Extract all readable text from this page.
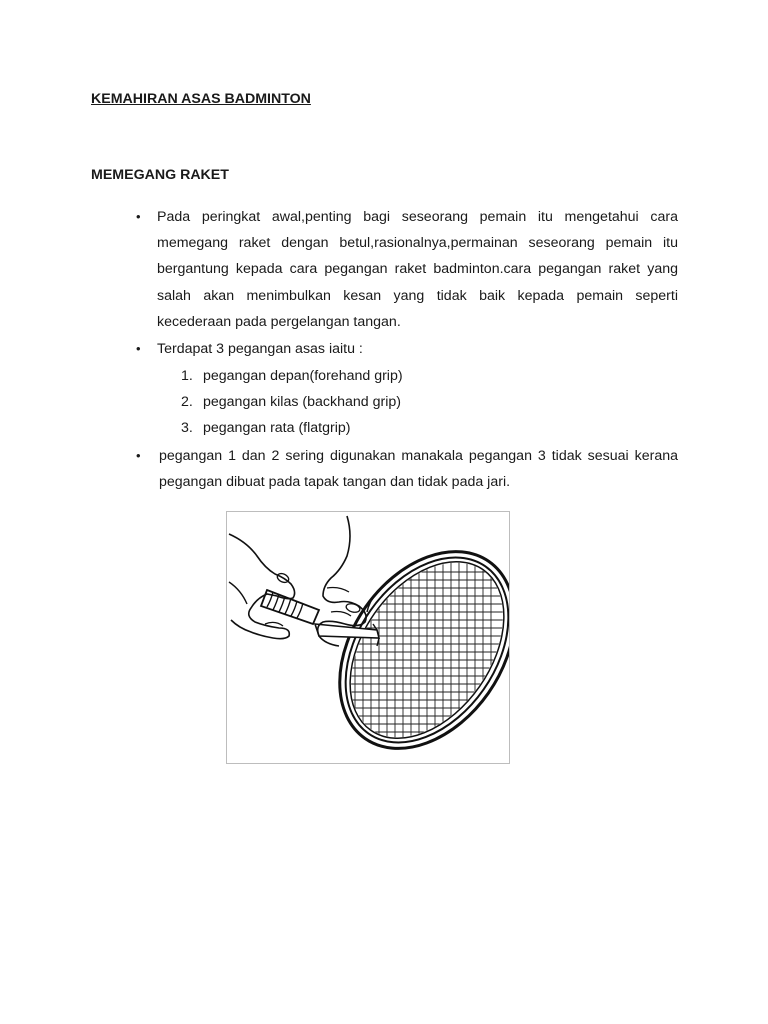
KEMAHIRAN ASAS BADMINTON
MEMEGANG RAKET
• Pada peringkat awal,penting bagi seseorang pemain itu mengetahui cara memegang raket dengan betul,rasionalnya,permainan seseorang pemain itu bergantung kepada cara pegangan raket badminton.cara pegangan raket yang salah akan menimbulkan kesan yang tidak baik kepada pemain seperti kecederaan pada pergelangan tangan.
• Terdapat 3 pegangan asas iaitu :
1. pegangan depan(forehand grip)
2. pegangan kilas (backhand grip)
3. pegangan rata (flatgrip)
• pegangan 1 dan 2 sering digunakan manakala pegangan 3 tidak sesuai kerana pegangan dibuat pada tapak tangan dan tidak pada jari.
